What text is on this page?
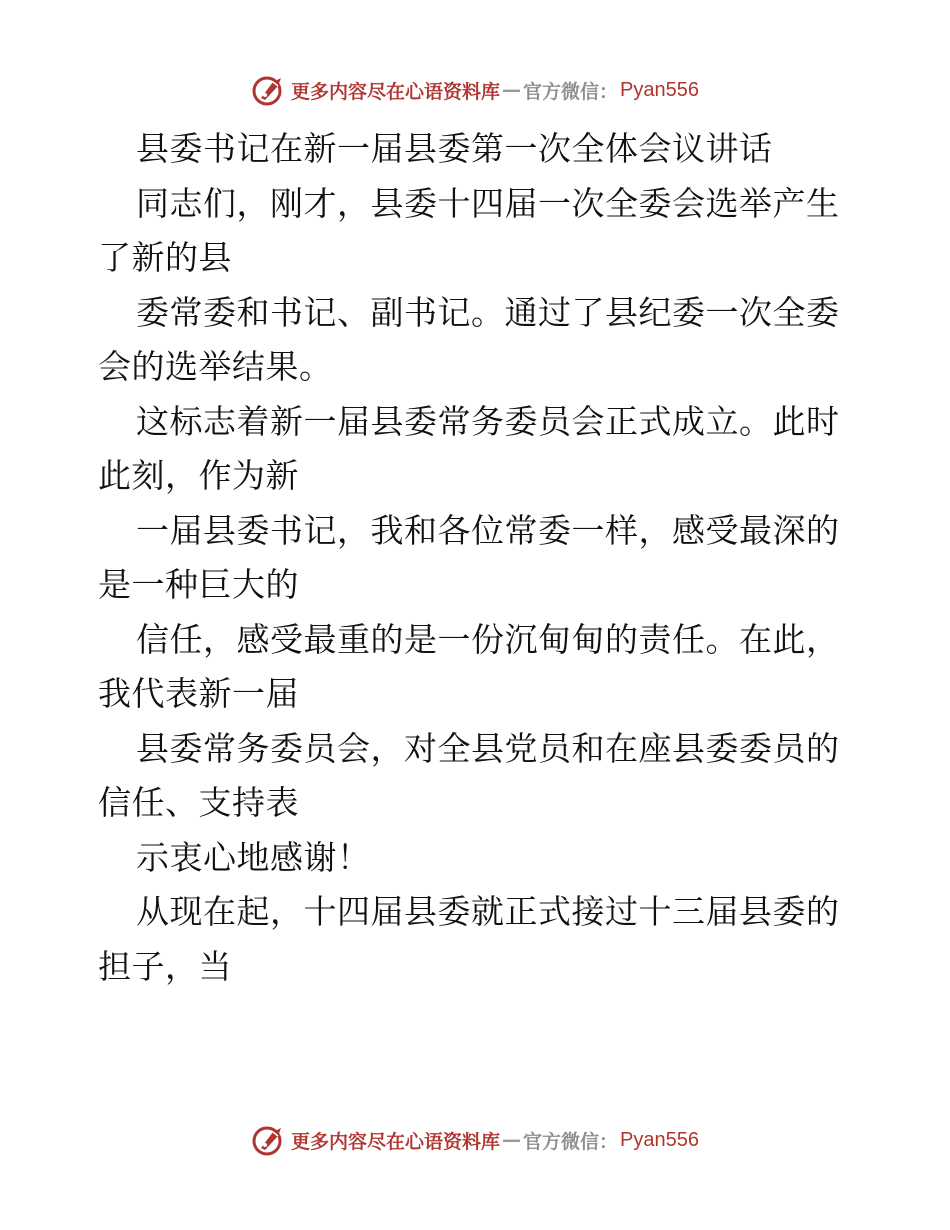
更多内容尽在心语资料库 — 官方微信： Pyan556
县委书记在新一届县委第一次全体会议讲话
同志们，刚才，县委十四届一次全委会选举产生
了新的县
委常委和书记、副书记。通过了县纪委一次全委
会的选举结果。
这标志着新一届县委常务委员会正式成立。此时
此刻，作为新
一届县委书记，我和各位常委一样，感受最深的
是一种巨大的
信任，感受最重的是一份沉甸甸的责任。在此，
我代表新一届
县委常务委员会，对全县党员和在座县委委员的
信任、支持表
示衷心地感谢！
从现在起，十四届县委就正式接过十三届县委的
担子，当
更多内容尽在心语资料库 — 官方微信： Pyan556
